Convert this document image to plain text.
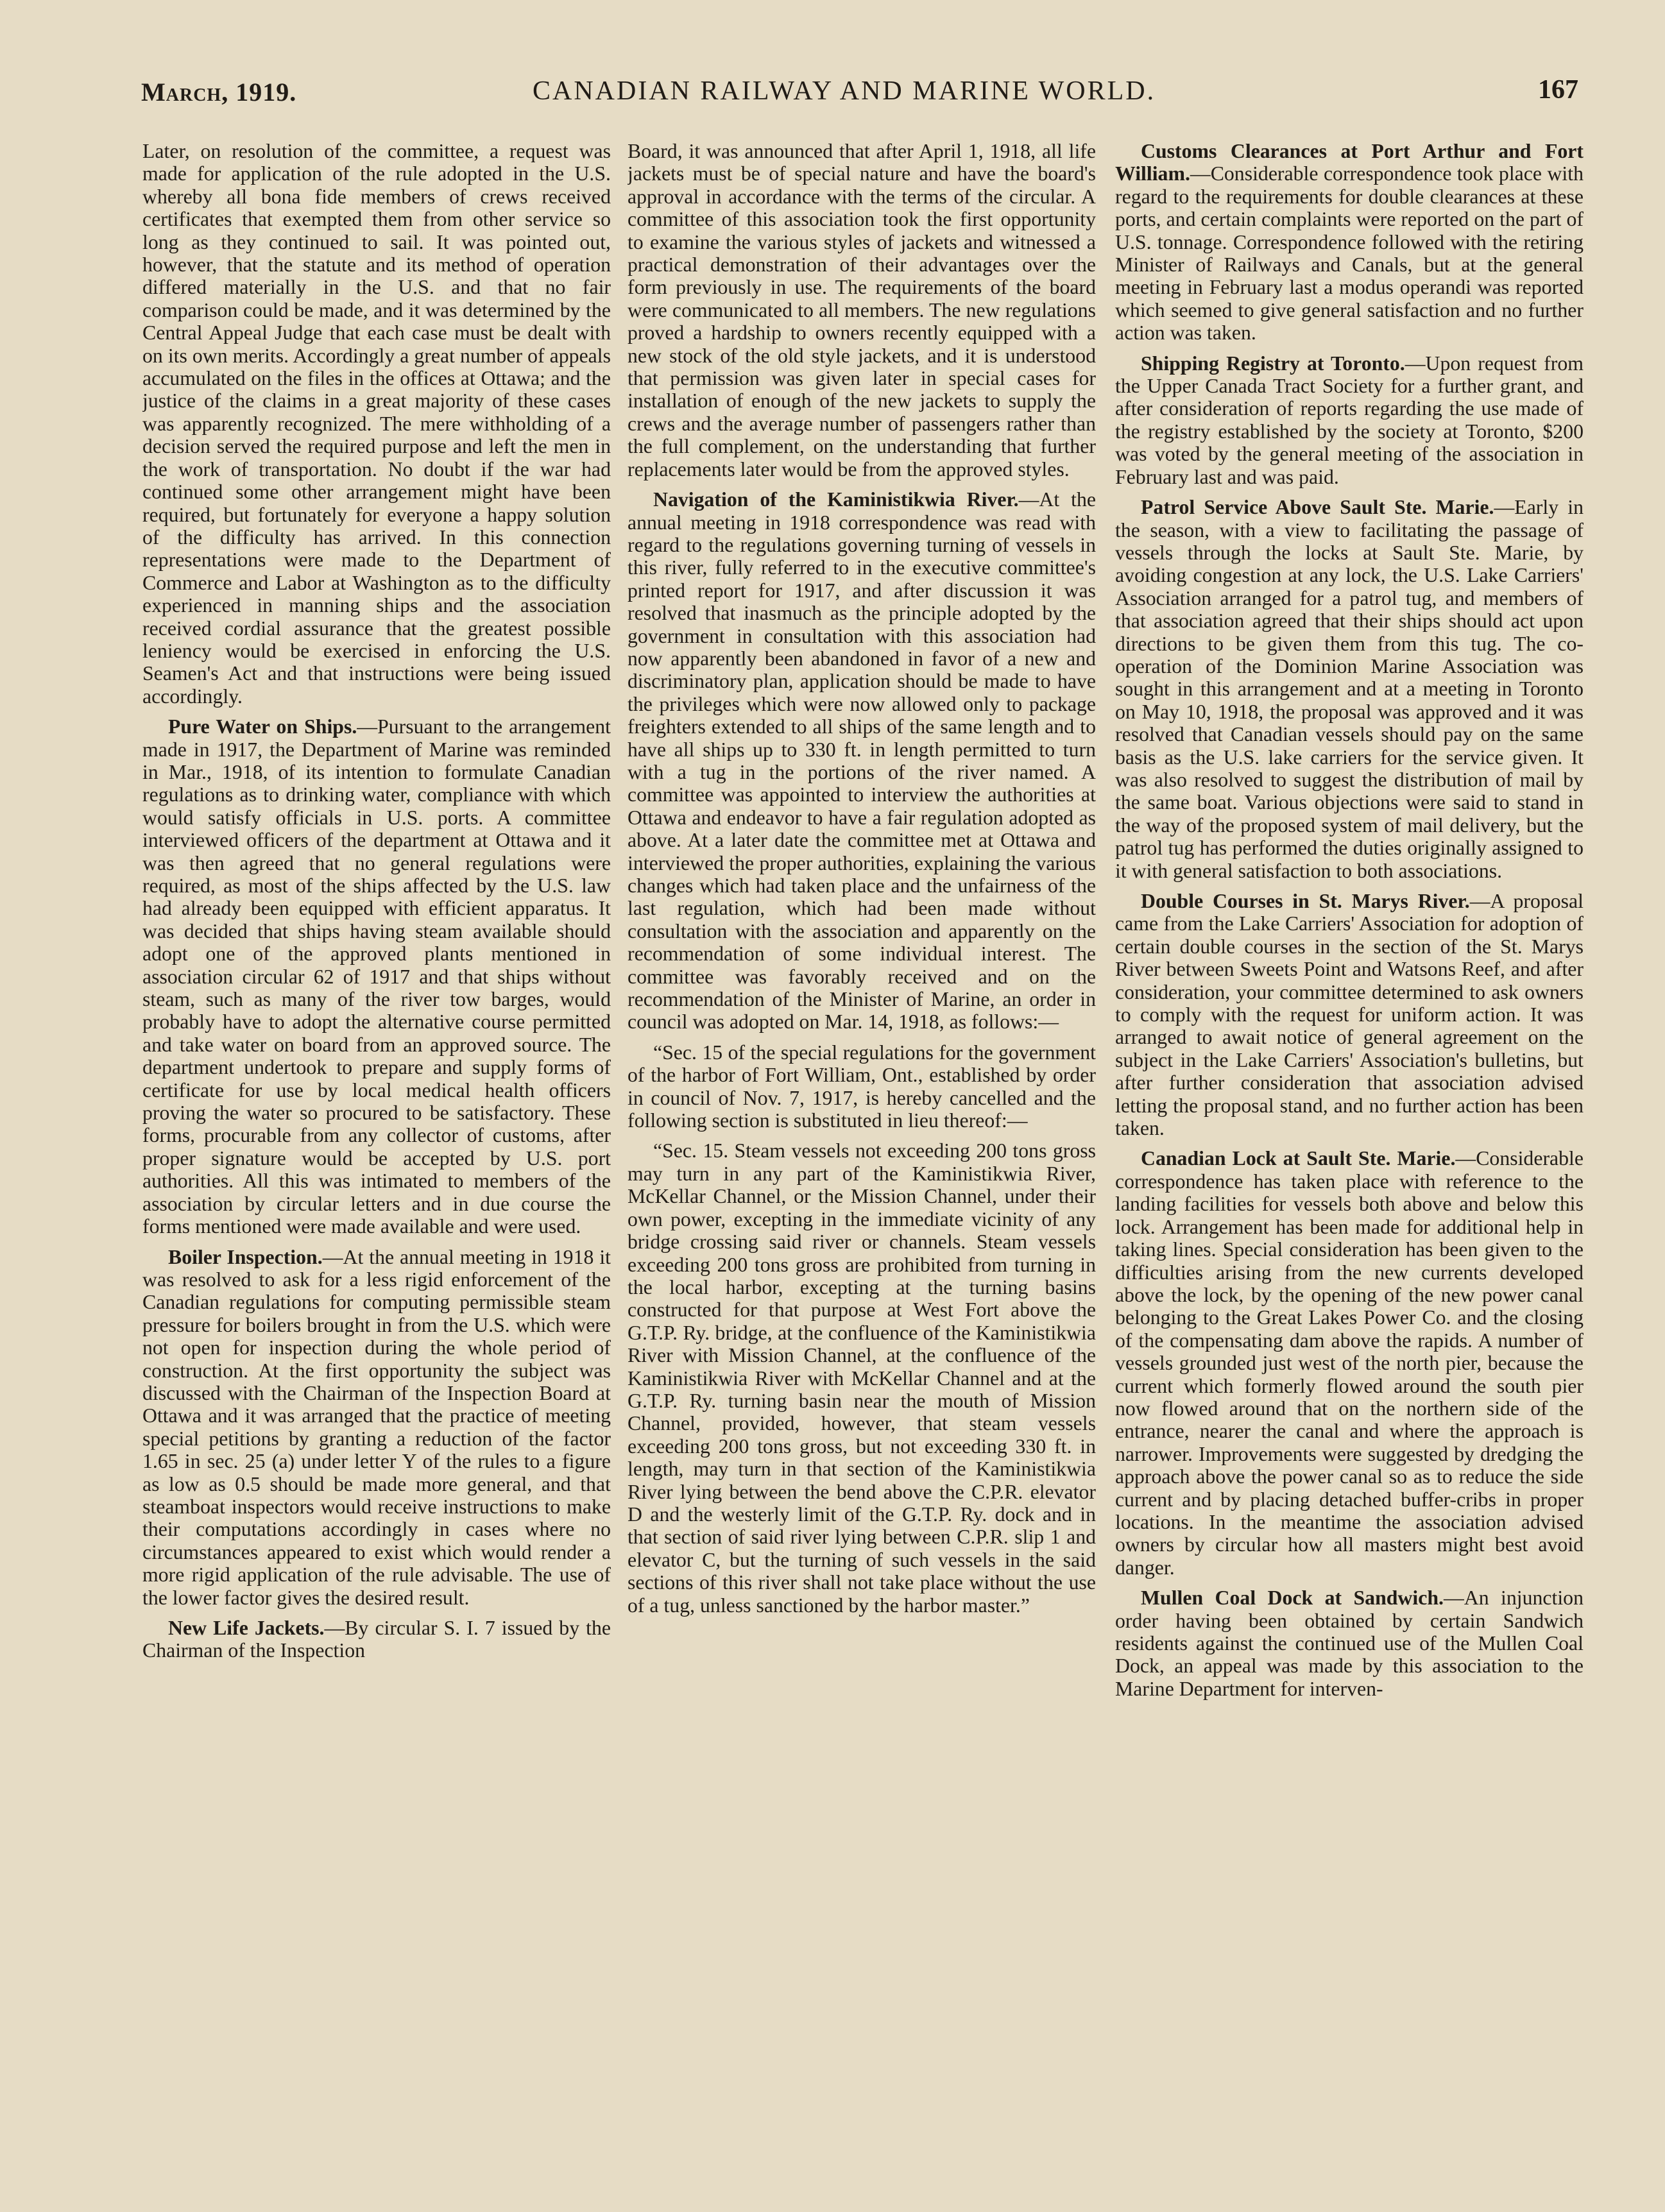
March, 1919.	CANADIAN RAILWAY AND MARINE WORLD.	167

Later, on resolution of the committee, a request was made for application of the rule adopted in the U.S. whereby all bona fide members of crews received certificates that exempted them from other service so long as they continued to sail. It was pointed out, however, that the statute and its method of operation differed materially in the U.S. and that no fair comparison could be made, and it was determined by the Central Appeal Judge that each case must be dealt with on its own merits. Accordingly a great number of appeals accumulated on the files in the offices at Ottawa; and the justice of the claims in a great majority of these cases was apparently recognized. The mere withholding of a decision served the required purpose and left the men in the work of transportation. No doubt if the war had continued some other arrangement might have been required, but fortunately for everyone a happy solution of the difficulty has arrived. In this connection representations were made to the Department of Commerce and Labor at Washington as to the difficulty experienced in manning ships and the association received cordial assurance that the greatest possible leniency would be exercised in enforcing the U.S. Seamen's Act and that instructions were being issued accordingly.

Pure Water on Ships.—Pursuant to the arrangement made in 1917, the Department of Marine was reminded in Mar., 1918, of its intention to formulate Canadian regulations as to drinking water, compliance with which would satisfy officials in U.S. ports. A committee interviewed officers of the department at Ottawa and it was then agreed that no general regulations were required, as most of the ships affected by the U.S. law had already been equipped with efficient apparatus. It was decided that ships having steam available should adopt one of the approved plants mentioned in association circular 62 of 1917 and that ships without steam, such as many of the river tow barges, would probably have to adopt the alternative course permitted and take water on board from an approved source. The department undertook to prepare and supply forms of certificate for use by local medical health officers proving the water so procured to be satisfactory. These forms, procurable from any collector of customs, after proper signature would be accepted by U.S. port authorities. All this was intimated to members of the association by circular letters and in due course the forms mentioned were made available and were used.

Boiler Inspection.—At the annual meeting in 1918 it was resolved to ask for a less rigid enforcement of the Canadian regulations for computing permissible steam pressure for boilers brought in from the U.S. which were not open for inspection during the whole period of construction. At the first opportunity the subject was discussed with the Chairman of the Inspection Board at Ottawa and it was arranged that the practice of meeting special petitions by granting a reduction of the factor 1.65 in sec. 25 (a) under letter Y of the rules to a figure as low as 0.5 should be made more general, and that steamboat inspectors would receive instructions to make their computations accordingly in cases where no circumstances appeared to exist which would render a more rigid application of the rule advisable. The use of the lower factor gives the desired result.

New Life Jackets.—By circular S. I. 7 issued by the Chairman of the Inspection

Board, it was announced that after April 1, 1918, all life jackets must be of special nature and have the board's approval in accordance with the terms of the circular. A committee of this association took the first opportunity to examine the various styles of jackets and witnessed a practical demonstration of their advantages over the form previously in use. The requirements of the board were communicated to all members. The new regulations proved a hardship to owners recently equipped with a new stock of the old style jackets, and it is understood that permission was given later in special cases for installation of enough of the new jackets to supply the crews and the average number of passengers rather than the full complement, on the understanding that further replacements later would be from the approved styles.

Navigation of the Kaministikwia River.—At the annual meeting in 1918 correspondence was read with regard to the regulations governing turning of vessels in this river, fully referred to in the executive committee's printed report for 1917, and after discussion it was resolved that inasmuch as the principle adopted by the government in consultation with this association had now apparently been abandoned in favor of a new and discriminatory plan, application should be made to have the privileges which were now allowed only to package freighters extended to all ships of the same length and to have all ships up to 330 ft. in length permitted to turn with a tug in the portions of the river named. A committee was appointed to interview the authorities at Ottawa and endeavor to have a fair regulation adopted as above. At a later date the committee met at Ottawa and interviewed the proper authorities, explaining the various changes which had taken place and the unfairness of the last regulation, which had been made without consultation with the association and apparently on the recommendation of some individual interest. The committee was favorably received and on the recommendation of the Minister of Marine, an order in council was adopted on Mar. 14, 1918, as follows:—

“Sec. 15 of the special regulations for the government of the harbor of Fort William, Ont., established by order in council of Nov. 7, 1917, is hereby cancelled and the following section is substituted in lieu thereof:—

“Sec. 15. Steam vessels not exceeding 200 tons gross may turn in any part of the Kaministikwia River, McKellar Channel, or the Mission Channel, under their own power, excepting in the immediate vicinity of any bridge crossing said river or channels. Steam vessels exceeding 200 tons gross are prohibited from turning in the local harbor, excepting at the turning basins constructed for that purpose at West Fort above the G.T.P. Ry. bridge, at the confluence of the Kaministikwia River with Mission Channel, at the confluence of the Kaministikwia River with McKellar Channel and at the G.T.P. Ry. turning basin near the mouth of Mission Channel, provided, however, that steam vessels exceeding 200 tons gross, but not exceeding 330 ft. in length, may turn in that section of the Kaministikwia River lying between the bend above the C.P.R. elevator D and the westerly limit of the G.T.P. Ry. dock and in that section of said river lying between C.P.R. slip 1 and elevator C, but the turning of such vessels in the said sections of this river shall not take place without the use of a tug, unless sanctioned by the harbor master.”

Customs Clearances at Port Arthur and Fort William.—Considerable correspondence took place with regard to the requirements for double clearances at these ports, and certain complaints were reported on the part of U.S. tonnage. Correspondence followed with the retiring Minister of Railways and Canals, but at the general meeting in February last a modus operandi was reported which seemed to give general satisfaction and no further action was taken.

Shipping Registry at Toronto.—Upon request from the Upper Canada Tract Society for a further grant, and after consideration of reports regarding the use made of the registry established by the society at Toronto, $200 was voted by the general meeting of the association in February last and was paid.

Patrol Service Above Sault Ste. Marie.—Early in the season, with a view to facilitating the passage of vessels through the locks at Sault Ste. Marie, by avoiding congestion at any lock, the U.S. Lake Carriers' Association arranged for a patrol tug, and members of that association agreed that their ships should act upon directions to be given them from this tug. The co-operation of the Dominion Marine Association was sought in this arrangement and at a meeting in Toronto on May 10, 1918, the proposal was approved and it was resolved that Canadian vessels should pay on the same basis as the U.S. lake carriers for the service given. It was also resolved to suggest the distribution of mail by the same boat. Various objections were said to stand in the way of the proposed system of mail delivery, but the patrol tug has performed the duties originally assigned to it with general satisfaction to both associations.

Double Courses in St. Marys River.—A proposal came from the Lake Carriers' Association for adoption of certain double courses in the section of the St. Marys River between Sweets Point and Watsons Reef, and after consideration, your committee determined to ask owners to comply with the request for uniform action. It was arranged to await notice of general agreement on the subject in the Lake Carriers' Association's bulletins, but after further consideration that association advised letting the proposal stand, and no further action has been taken.

Canadian Lock at Sault Ste. Marie.—Considerable correspondence has taken place with reference to the landing facilities for vessels both above and below this lock. Arrangement has been made for additional help in taking lines. Special consideration has been given to the difficulties arising from the new currents developed above the lock, by the opening of the new power canal belonging to the Great Lakes Power Co. and the closing of the compensating dam above the rapids. A number of vessels grounded just west of the north pier, because the current which formerly flowed around the south pier now flowed around that on the northern side of the entrance, nearer the canal and where the approach is narrower. Improvements were suggested by dredging the approach above the power canal so as to reduce the side current and by placing detached buffer-cribs in proper locations. In the meantime the association advised owners by circular how all masters might best avoid danger.

Mullen Coal Dock at Sandwich.—An injunction order having been obtained by certain Sandwich residents against the continued use of the Mullen Coal Dock, an appeal was made by this association to the Marine Department for interven-
